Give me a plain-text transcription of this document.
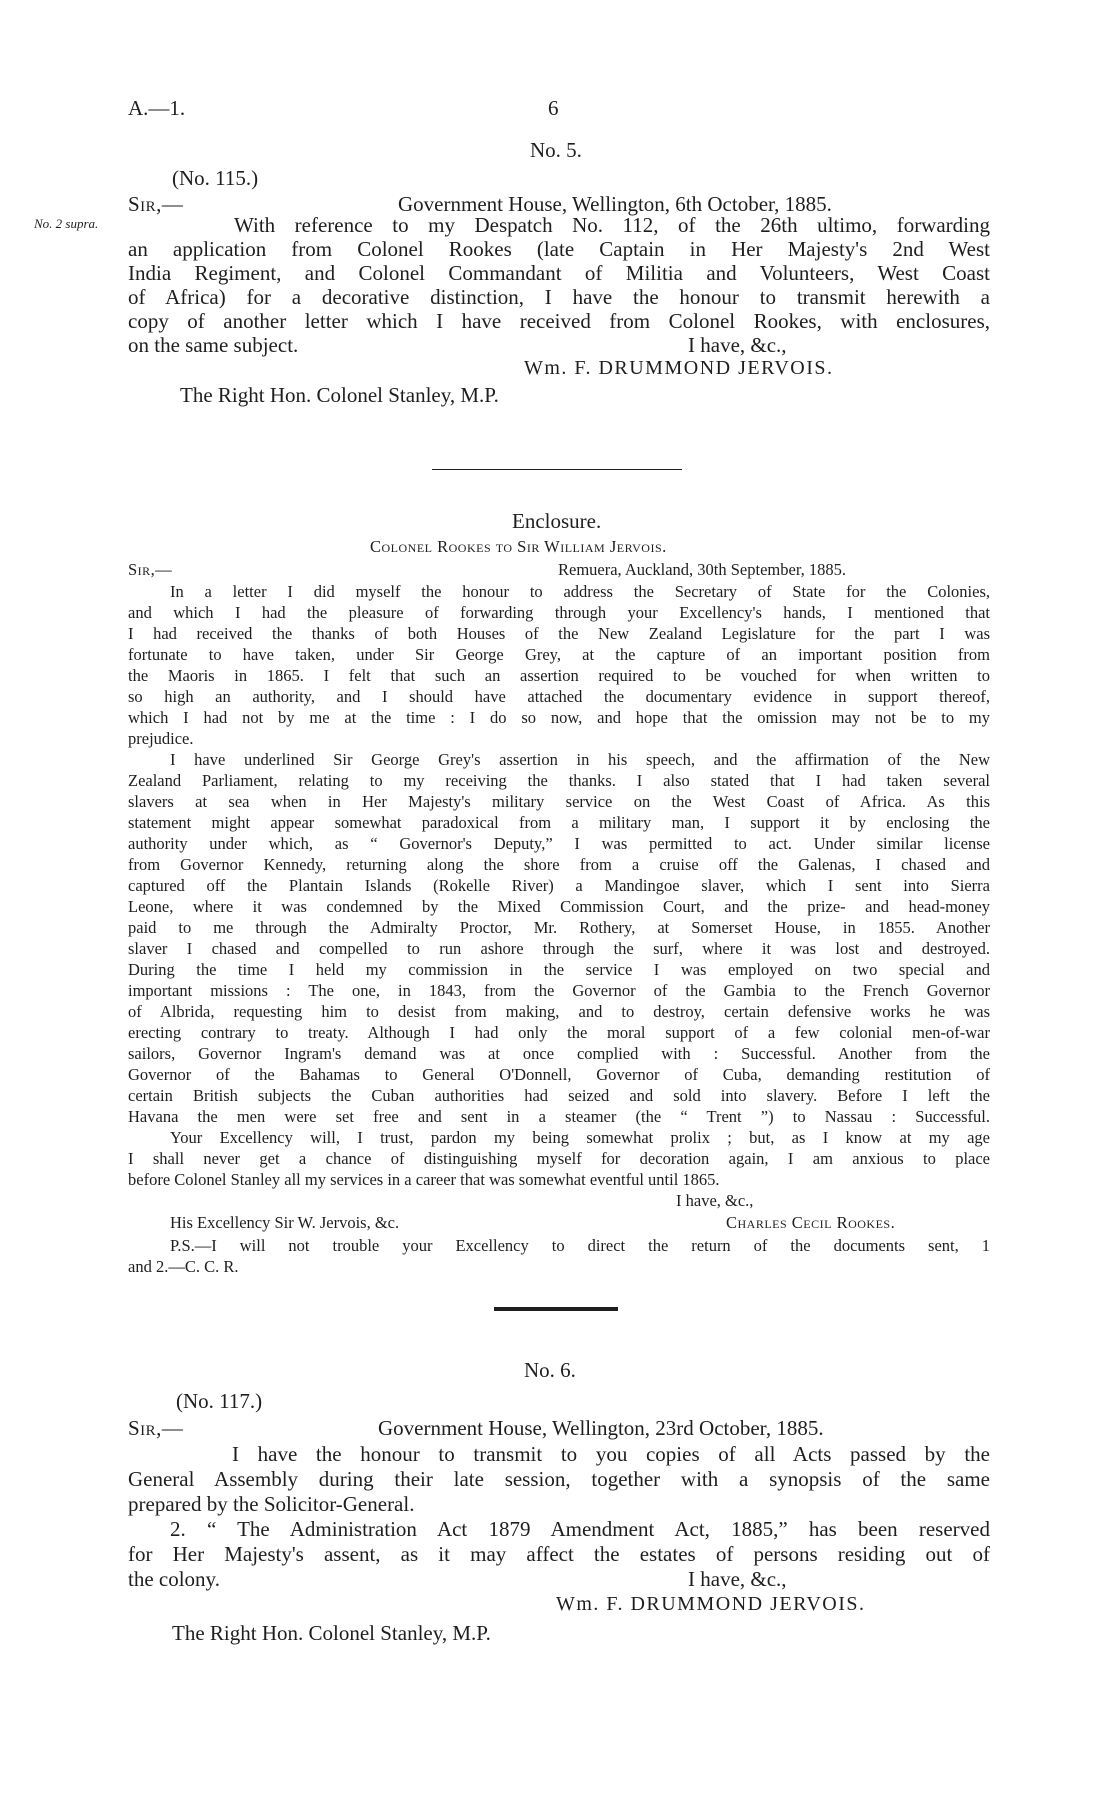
A.—1.	6
No. 5.
(No. 115.)
Sir,—	Government House, Wellington, 6th October, 1885.
No. 2 supra.	With reference to my Despatch No. 112, of the 26th ultimo, forwarding
an application from Colonel Rookes (late Captain in Her Majesty's 2nd West
India Regiment, and Colonel Commandant of Militia and Volunteers, West Coast
of Africa) for a decorative distinction, I have the honour to transmit herewith a
copy of another letter which I have received from Colonel Rookes, with enclosures,
on the same subject.	I have, &c.,
Wm. F. DRUMMOND JERVOIS.
The Right Hon. Colonel Stanley, M.P.
Enclosure.
Colonel Rookes to Sir William Jervois.
Sir,—	Remuera, Auckland, 30th September, 1885.
In a letter I did myself the honour to address the Secretary of State for the Colonies,
and which I had the pleasure of forwarding through your Excellency's hands, I mentioned that
I had received the thanks of both Houses of the New Zealand Legislature for the part I was
fortunate to have taken, under Sir George Grey, at the capture of an important position from
the Maoris in 1865. I felt that such an assertion required to be vouched for when written to
so high an authority, and I should have attached the documentary evidence in support thereof,
which I had not by me at the time : I do so now, and hope that the omission may not be to my
prejudice.
I have underlined Sir George Grey's assertion in his speech, and the affirmation of the New
Zealand Parliament, relating to my receiving the thanks. I also stated that I had taken several
slavers at sea when in Her Majesty's military service on the West Coast of Africa. As this
statement might appear somewhat paradoxical from a military man, I support it by enclosing the
authority under which, as “ Governor's Deputy,” I was permitted to act. Under similar license
from Governor Kennedy, returning along the shore from a cruise off the Galenas, I chased and
captured off the Plantain Islands (Rokelle River) a Mandingoe slaver, which I sent into Sierra
Leone, where it was condemned by the Mixed Commission Court, and the prize- and head-money
paid to me through the Admiralty Proctor, Mr. Rothery, at Somerset House, in 1855. Another
slaver I chased and compelled to run ashore through the surf, where it was lost and destroyed.
During the time I held my commission in the service I was employed on two special and
important missions : The one, in 1843, from the Governor of the Gambia to the French Governor
of Albrida, requesting him to desist from making, and to destroy, certain defensive works he was
erecting contrary to treaty. Although I had only the moral support of a few colonial men-of-war
sailors, Governor Ingram's demand was at once complied with : Successful. Another from the
Governor of the Bahamas to General O'Donnell, Governor of Cuba, demanding restitution of
certain British subjects the Cuban authorities had seized and sold into slavery. Before I left the
Havana the men were set free and sent in a steamer (the “ Trent ”) to Nassau : Successful.
Your Excellency will, I trust, pardon my being somewhat prolix ; but, as I know at my age
I shall never get a chance of distinguishing myself for decoration again, I am anxious to place
before Colonel Stanley all my services in a career that was somewhat eventful until 1865.
I have, &c.,
His Excellency Sir W. Jervois, &c.	Charles Cecil Rookes.
P.S.—I will not trouble your Excellency to direct the return of the documents sent, 1
and 2.—C. C. R.
No. 6.
(No. 117.)
Sir,—	Government House, Wellington, 23rd October, 1885.
I have the honour to transmit to you copies of all Acts passed by the
General Assembly during their late session, together with a synopsis of the same
prepared by the Solicitor-General.
2. “ The Administration Act 1879 Amendment Act, 1885,” has been reserved
for Her Majesty's assent, as it may affect the estates of persons residing out of
the colony.	I have, &c.,
Wm. F. DRUMMOND JERVOIS.
The Right Hon. Colonel Stanley, M.P.
